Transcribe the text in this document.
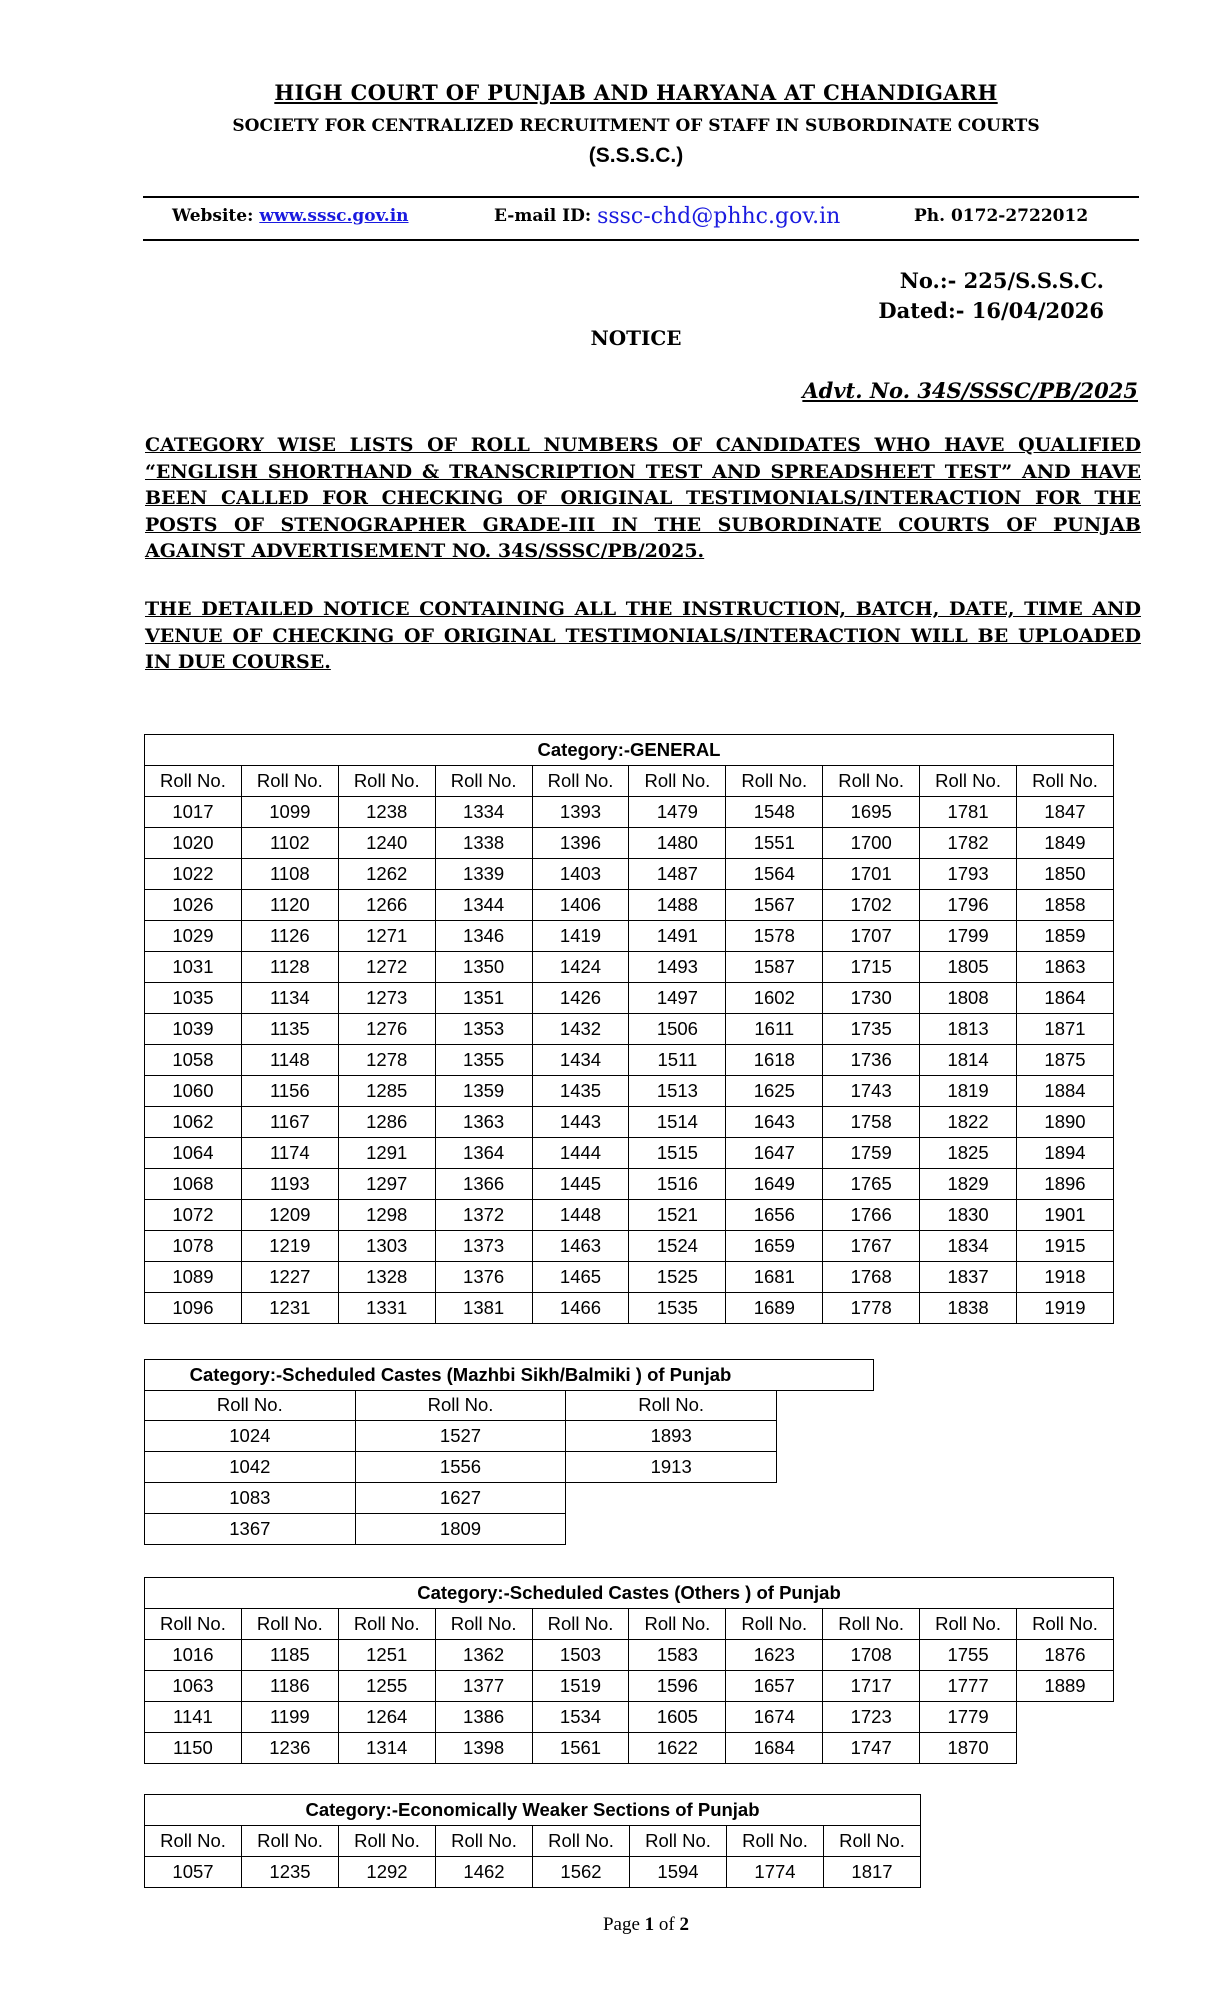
HIGH COURT OF PUNJAB AND HARYANA AT CHANDIGARH
SOCIETY FOR CENTRALIZED RECRUITMENT OF STAFF IN SUBORDINATE COURTS
(S.S.S.C.)
Website: www.sssc.gov.in	E-mail ID: sssc-chd@phhc.gov.in	Ph. 0172-2722012
No.:- 225/S.S.S.C.
Dated:- 16/04/2026
NOTICE
Advt. No. 34S/SSSC/PB/2025
CATEGORY WISE LISTS OF ROLL NUMBERS OF CANDIDATES WHO HAVE QUALIFIED “ENGLISH SHORTHAND & TRANSCRIPTION TEST AND SPREADSHEET TEST” AND HAVE BEEN CALLED FOR CHECKING OF ORIGINAL TESTIMONIALS/INTERACTION FOR THE POSTS OF STENOGRAPHER GRADE-III IN THE SUBORDINATE COURTS OF PUNJAB AGAINST ADVERTISEMENT NO. 34S/SSSC/PB/2025.
THE DETAILED NOTICE CONTAINING ALL THE INSTRUCTION, BATCH, DATE, TIME AND VENUE OF CHECKING OF ORIGINAL TESTIMONIALS/INTERACTION WILL BE UPLOADED IN DUE COURSE.
Category:-GENERAL									
Roll No.	Roll No.	Roll No.	Roll No.	Roll No.	Roll No.	Roll No.	Roll No.	Roll No.	Roll No.
1017	1099	1238	1334	1393	1479	1548	1695	1781	1847
1020	1102	1240	1338	1396	1480	1551	1700	1782	1849
1022	1108	1262	1339	1403	1487	1564	1701	1793	1850
1026	1120	1266	1344	1406	1488	1567	1702	1796	1858
1029	1126	1271	1346	1419	1491	1578	1707	1799	1859
1031	1128	1272	1350	1424	1493	1587	1715	1805	1863
1035	1134	1273	1351	1426	1497	1602	1730	1808	1864
1039	1135	1276	1353	1432	1506	1611	1735	1813	1871
1058	1148	1278	1355	1434	1511	1618	1736	1814	1875
1060	1156	1285	1359	1435	1513	1625	1743	1819	1884
1062	1167	1286	1363	1443	1514	1643	1758	1822	1890
1064	1174	1291	1364	1444	1515	1647	1759	1825	1894
1068	1193	1297	1366	1445	1516	1649	1765	1829	1896
1072	1209	1298	1372	1448	1521	1656	1766	1830	1901
1078	1219	1303	1373	1463	1524	1659	1767	1834	1915
1089	1227	1328	1376	1465	1525	1681	1768	1837	1918
1096	1231	1331	1381	1466	1535	1689	1778	1838	1919
Category:-Scheduled Castes (Mazhbi Sikh/Balmiki ) of Punjab		

Roll No.	Roll No.	Roll No.
1024	1527	1893
1042	1556	1913
1083	1627	
1367	1809	
Category:-Scheduled Castes (Others ) of Punjab									
Roll No.	Roll No.	Roll No.	Roll No.	Roll No.	Roll No.	Roll No.	Roll No.	Roll No.	Roll No.
1016	1185	1251	1362	1503	1583	1623	1708	1755	1876
1063	1186	1255	1377	1519	1596	1657	1717	1777	1889
1141	1199	1264	1386	1534	1605	1674	1723	1779	
1150	1236	1314	1398	1561	1622	1684	1747	1870	
Category:-Economically Weaker Sections of Punjab							
Roll No.	Roll No.	Roll No.	Roll No.	Roll No.	Roll No.	Roll No.	Roll No.
1057	1235	1292	1462	1562	1594	1774	1817
Page 1 of 2
